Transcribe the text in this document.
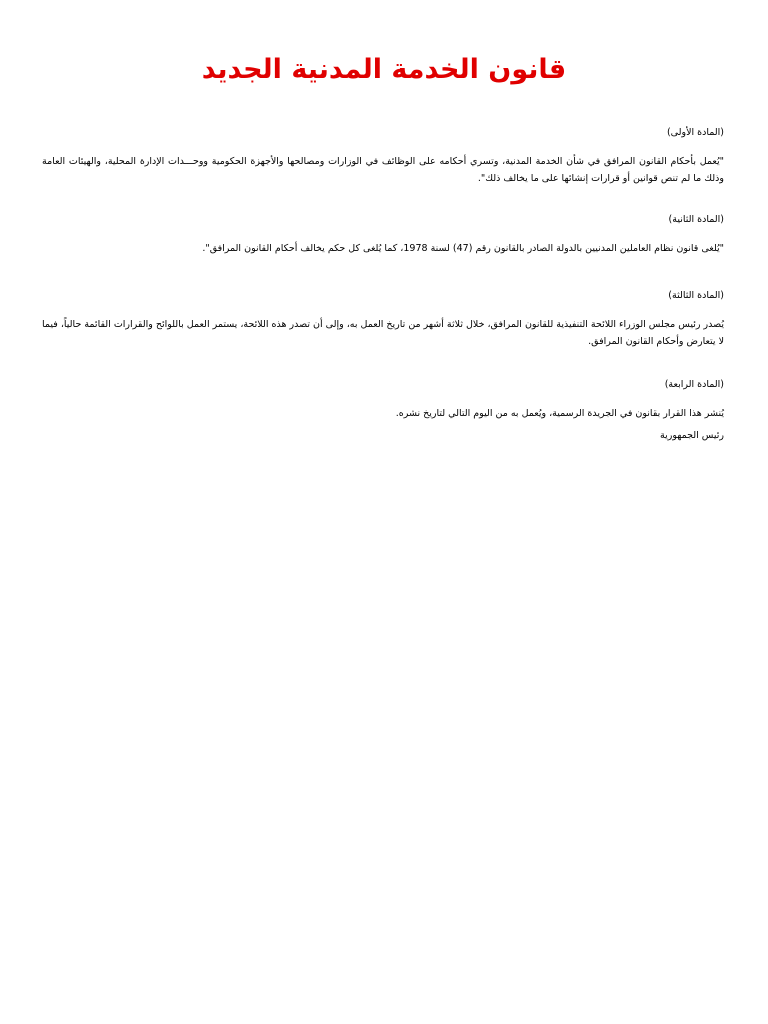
قانون الخدمة المدنية الجديد

(المادة الأولى)

"يُعمل بأحكام القانون المرافق في شأن الخدمة المدنية، وتسري أحكامه على الوظائف في الوزارات ومصالحها والأجهزة الحكومية ووحـــدات الإدارة المحلية، والهيئات العامة وذلك ما لم تنص قوانين أو قرارات إنشائها على ما يخالف ذلك".

(المادة الثانية)

"يُلغى قانون نظام العاملين المدنيين بالدولة الصادر بالقانون رقم (47) لسنة 1978، كما يُلغى كل حكم يخالف أحكام القانون المرافق".

(المادة الثالثة)

يُصدر رئيس مجلس الوزراء اللائحة التنفيذية للقانون المرافق، خلال ثلاثة أشهر من تاريخ العمل به، وإلى أن تصدر هذه اللائحة، يستمر العمل باللوائح والقرارات القائمة حالياً، فيما لا يتعارض وأحكام القانون المرافق.

(المادة الرابعة)

يُنشر هذا القرار بقانون في الجريدة الرسمية، ويُعمل به من اليوم التالي لتاريخ نشره.

رئيس الجمهورية
